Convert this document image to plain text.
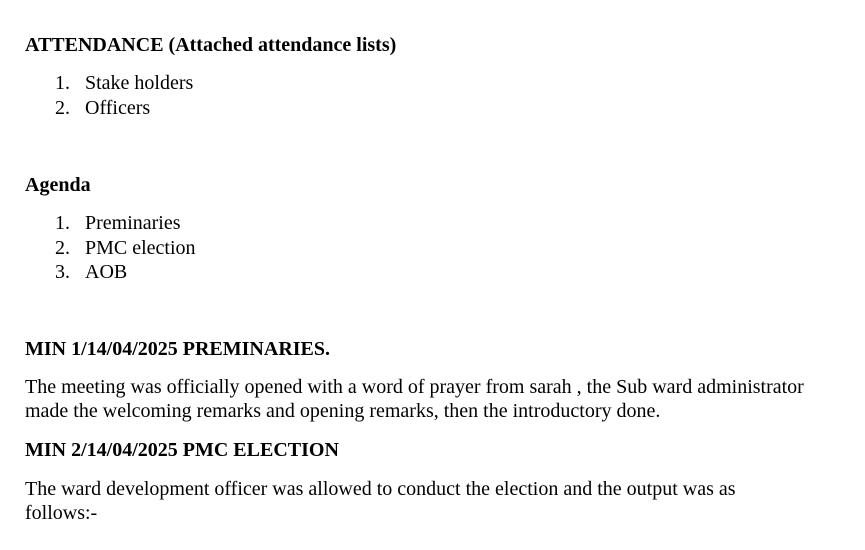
ATTENDANCE (Attached attendance lists)
1. Stake holders
2. Officers
Agenda
1. Preminaries
2. PMC election
3. AOB
MIN 1/14/04/2025 PREMINARIES.

The meeting was officially opened with a word of prayer from sarah , the Sub ward administrator made the welcoming remarks and opening remarks, then the introductory done.

MIN 2/14/04/2025 PMC ELECTION

The ward development officer was allowed to conduct the election and the output was as follows:-
